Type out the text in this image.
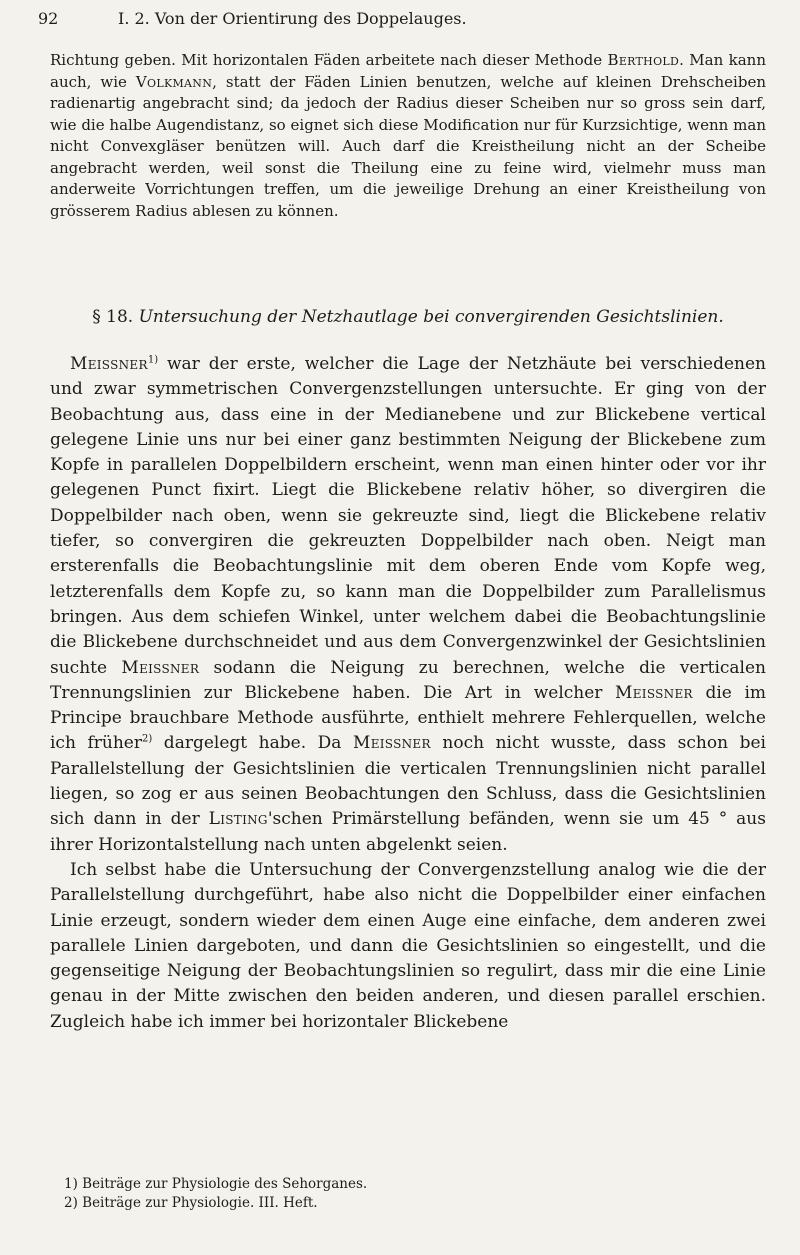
92	I. 2. Von der Orientirung des Doppelauges.

Richtung geben. Mit horizontalen Fäden arbeitete nach dieser Methode Berthold. Man kann auch, wie Volkmann, statt der Fäden Linien benutzen, welche auf kleinen Drehscheiben radienartig angebracht sind; da jedoch der Radius dieser Scheiben nur so gross sein darf, wie die halbe Augendistanz, so eignet sich diese Modification nur für Kurzsichtige, wenn man nicht Convexgläser benützen will. Auch darf die Kreistheilung nicht an der Scheibe angebracht werden, weil sonst die Theilung eine zu feine wird, vielmehr muss man anderweite Vorrichtungen treffen, um die jeweilige Drehung an einer Kreistheilung von grösserem Radius ablesen zu können.

§ 18. Untersuchung der Netzhautlage bei convergirenden Gesichtslinien.

Meissner$^{1)}$ war der erste, welcher die Lage der Netzhäute bei verschiedenen und zwar symmetrischen Convergenzstellungen untersuchte. Er ging von der Beobachtung aus, dass eine in der Medianebene und zur Blickebene vertical gelegene Linie uns nur bei einer ganz bestimmten Neigung der Blickebene zum Kopfe in parallelen Doppelbildern erscheint, wenn man einen hinter oder vor ihr gelegenen Punct fixirt. Liegt die Blickebene relativ höher, so divergiren die Doppelbilder nach oben, wenn sie gekreuzte sind, liegt die Blickebene relativ tiefer, so convergiren die gekreuzten Doppelbilder nach oben. Neigt man ersterenfalls die Beobachtungslinie mit dem oberen Ende vom Kopfe weg, letzterenfalls dem Kopfe zu, so kann man die Doppelbilder zum Parallelismus bringen. Aus dem schiefen Winkel, unter welchem dabei die Beobachtungslinie die Blickebene durchschneidet und aus dem Convergenzwinkel der Gesichtslinien suchte Meissner sodann die Neigung zu berechnen, welche die verticalen Trennungslinien zur Blickebene haben. Die Art in welcher Meissner die im Principe brauchbare Methode ausführte, enthielt mehrere Fehlerquellen, welche ich früher$^{2)}$ dargelegt habe. Da Meissner noch nicht wusste, dass schon bei Parallelstellung der Gesichtslinien die verticalen Trennungslinien nicht parallel liegen, so zog er aus seinen Beobachtungen den Schluss, dass die Gesichtslinien sich dann in der Listing'schen Primärstellung befänden, wenn sie um 45 ° aus ihrer Horizontalstellung nach unten abgelenkt seien.

Ich selbst habe die Untersuchung der Convergenzstellung analog wie die der Parallelstellung durchgeführt, habe also nicht die Doppelbilder einer einfachen Linie erzeugt, sondern wieder dem einen Auge eine einfache, dem anderen zwei parallele Linien dargeboten, und dann die Gesichtslinien so eingestellt, und die gegenseitige Neigung der Beobachtungslinien so regulirt, dass mir die eine Linie genau in der Mitte zwischen den beiden anderen, und diesen parallel erschien. Zugleich habe ich immer bei horizontaler Blickebene

1) Beiträge zur Physiologie des Sehorganes.
2) Beiträge zur Physiologie. III. Heft.
